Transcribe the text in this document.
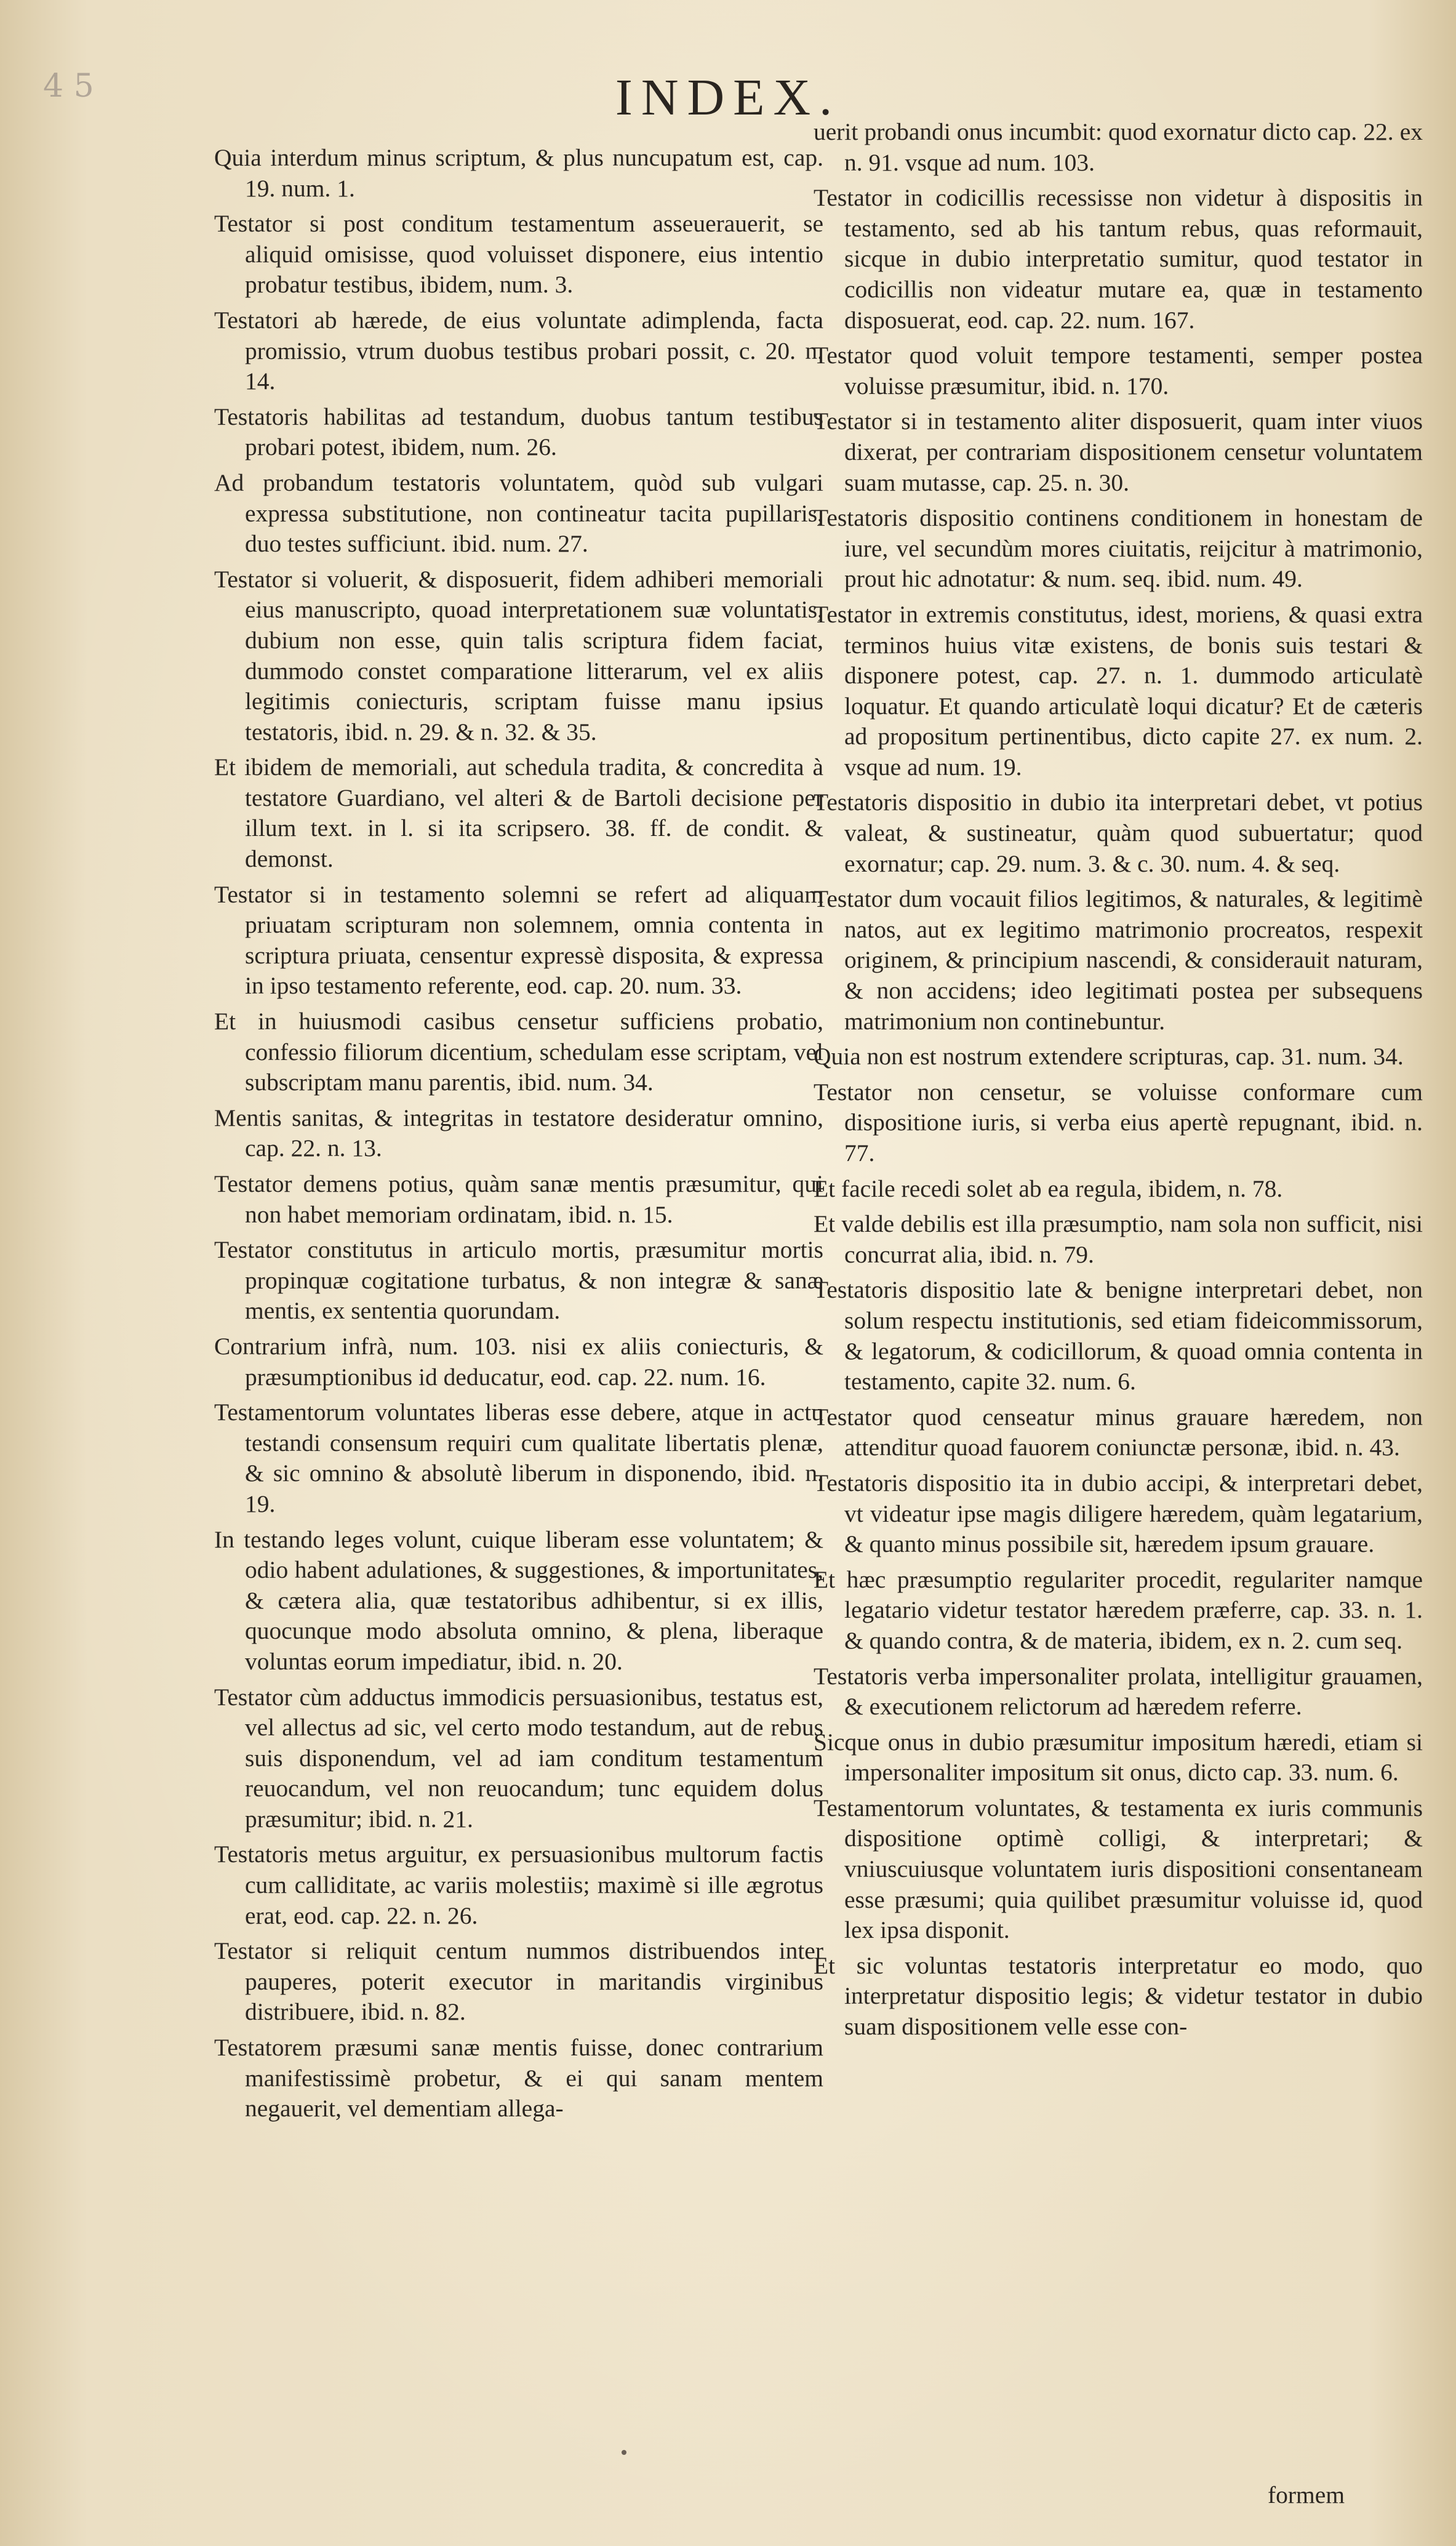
4 5	INDEX.

Quia interdum minus scriptum, & plus nuncupatum est, cap. 19. num. 1.

Testator si post conditum testamentum asseuerauerit, se aliquid omisisse, quod voluisset disponere, eius intentio probatur testibus, ibidem, num. 3.

Testatori ab hærede, de eius voluntate adimplenda, facta promissio, vtrum duobus testibus probari possit, c. 20. n. 14.

Testatoris habilitas ad testandum, duobus tantum testibus probari potest, ibidem, num. 26.

Ad probandum testatoris voluntatem, quòd sub vulgari expressa substitutione, non contineatur tacita pupillaris, duo testes sufficiunt. ibid. num. 27.

Testator si voluerit, & disposuerit, fidem adhiberi memoriali eius manuscripto, quoad interpretationem suæ voluntatis, dubium non esse, quin talis scriptura fidem faciat, dummodo constet comparatione litterarum, vel ex aliis legitimis coniecturis, scriptam fuisse manu ipsius testatoris, ibid. n. 29. & n. 32. & 35.

Et ibidem de memoriali, aut schedula tradita, & concredita à testatore Guardiano, vel alteri & de Bartoli decisione per illum text. in l. si ita scripsero. 38. ff. de condit. & demonst.

Testator si in testamento solemni se refert ad aliquam priuatam scripturam non solemnem, omnia contenta in scriptura priuata, censentur expressè disposita, & expressa in ipso testamento referente, eod. cap. 20. num. 33.

Et in huiusmodi casibus censetur sufficiens probatio, confessio filiorum dicentium, schedulam esse scriptam, vel subscriptam manu parentis, ibid. num. 34.

Mentis sanitas, & integritas in testatore desideratur omnino, cap. 22. n. 13.

Testator demens potius, quàm sanæ mentis præsumitur, qui non habet memoriam ordinatam, ibid. n. 15.

Testator constitutus in articulo mortis, præsumitur mortis propinquæ cogitatione turbatus, & non integræ & sanæ mentis, ex sententia quorundam.

Contrarium infrà, num. 103. nisi ex aliis coniecturis, & præsumptionibus id deducatur, eod. cap. 22. num. 16.

Testamentorum voluntates liberas esse debere, atque in actu testandi consensum requiri cum qualitate libertatis plenæ, & sic omnino & absolutè liberum in disponendo, ibid. n. 19.

In testando leges volunt, cuique liberam esse voluntatem; & odio habent adulationes, & suggestiones, & importunitates, & cætera alia, quæ testatoribus adhibentur, si ex illis, quocunque modo absoluta omnino, & plena, liberaque voluntas eorum impediatur, ibid. n. 20.

Testator cùm adductus immodicis persuasionibus, testatus est, vel allectus ad sic, vel certo modo testandum, aut de rebus suis disponendum, vel ad iam conditum testamentum reuocandum, vel non reuocandum; tunc equidem dolus præsumitur; ibid. n. 21.

Testatoris metus arguitur, ex persuasionibus multorum factis cum calliditate, ac variis molestiis; maximè si ille ægrotus erat, eod. cap. 22. n. 26.

Testator si reliquit centum nummos distribuendos inter pauperes, poterit executor in maritandis virginibus distribuere, ibid. n. 82.

Testatorem præsumi sanæ mentis fuisse, donec contrarium manifestissimè probetur, & ei qui sanam mentem negauerit, vel dementiam allega-

uerit probandi onus incumbit: quod exornatur dicto cap. 22. ex n. 91. vsque ad num. 103.

Testator in codicillis recessisse non videtur à dispositis in testamento, sed ab his tantum rebus, quas reformauit, sicque in dubio interpretatio sumitur, quod testator in codicillis non videatur mutare ea, quæ in testamento disposuerat, eod. cap. 22. num. 167.

Testator quod voluit tempore testamenti, semper postea voluisse præsumitur, ibid. n. 170.

Testator si in testamento aliter disposuerit, quam inter viuos dixerat, per contrariam dispositionem censetur voluntatem suam mutasse, cap. 25. n. 30.

Testatoris dispositio continens conditionem in honestam de iure, vel secundùm mores ciuitatis, reijcitur à matrimonio, prout hic adnotatur: & num. seq. ibid. num. 49.

Testator in extremis constitutus, idest, moriens, & quasi extra terminos huius vitæ existens, de bonis suis testari & disponere potest, cap. 27. n. 1. dummodo articulatè loquatur. Et quando articulatè loqui dicatur? Et de cæteris ad propositum pertinentibus, dicto capite 27. ex num. 2. vsque ad num. 19.

Testatoris dispositio in dubio ita interpretari debet, vt potius valeat, & sustineatur, quàm quod subuertatur; quod exornatur; cap. 29. num. 3. & c. 30. num. 4. & seq.

Testator dum vocauit filios legitimos, & naturales, & legitimè natos, aut ex legitimo matrimonio procreatos, respexit originem, & principium nascendi, & considerauit naturam, & non accidens; ideo legitimati postea per subsequens matrimonium non continebuntur.

Quia non est nostrum extendere scripturas, cap. 31. num. 34.

Testator non censetur, se voluisse conformare cum dispositione iuris, si verba eius apertè repugnant, ibid. n. 77.

Et facile recedi solet ab ea regula, ibidem, n. 78.

Et valde debilis est illa præsumptio, nam sola non sufficit, nisi concurrat alia, ibid. n. 79.

Testatoris dispositio late & benigne interpretari debet, non solum respectu institutionis, sed etiam fideicommissorum, & legatorum, & codicillorum, & quoad omnia contenta in testamento, capite 32. num. 6.

Testator quod censeatur minus grauare hæredem, non attenditur quoad fauorem coniunctæ personæ, ibid. n. 43.

Testatoris dispositio ita in dubio accipi, & interpretari debet, vt videatur ipse magis diligere hæredem, quàm legatarium, & quanto minus possibile sit, hæredem ipsum grauare.

Et hæc præsumptio regulariter procedit, regulariter namque legatario videtur testator hæredem præferre, cap. 33. n. 1. & quando contra, & de materia, ibidem, ex n. 2. cum seq.

Testatoris verba impersonaliter prolata, intelligitur grauamen, & executionem relictorum ad hæredem referre.

Sicque onus in dubio præsumitur impositum hæredi, etiam si impersonaliter impositum sit onus, dicto cap. 33. num. 6.

Testamentorum voluntates, & testamenta ex iuris communis dispositione optimè colligi, & interpretari; & vniuscuiusque voluntatem iuris dispositioni consentaneam esse præsumi; quia quilibet præsumitur voluisse id, quod lex ipsa disponit.

Et sic voluntas testatoris interpretatur eo modo, quo interpretatur dispositio legis; & videtur testator in dubio suam dispositionem velle esse con-

formem
